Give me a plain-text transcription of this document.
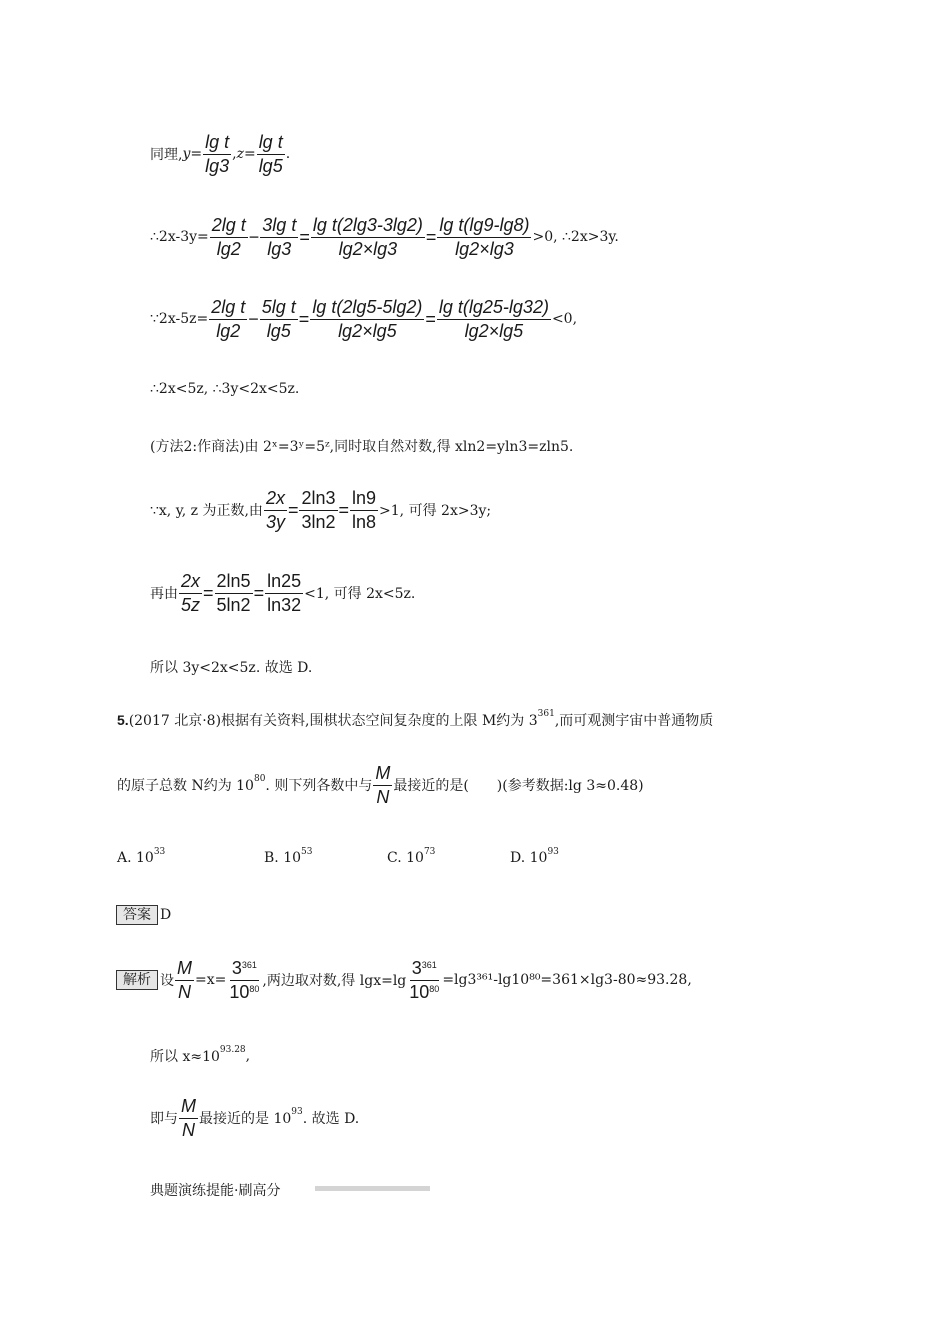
同理, $y= \frac{\text{lg t}}{\lg 3}$ , $z= \frac{\text{lg t}}{\lg 5}$ .
∴2x-3y= $\frac{\text{2lg t}}{\lg 2} - \frac{\text{3lg t}}{\lg 3} = \frac{\text{lg t(2lg3-3lg2)}}{\lg 2\times\lg 3} = \frac{\text{lg t(lg9-lg8)}}{\lg 2\times\lg 3} >0$, ∴2x>3y.
∵2x-5z= $\frac{\text{2lg t}}{\lg 2} - \frac{\text{5lg t}}{\lg 5} = \frac{\text{lg t(2lg5-5lg2)}}{\lg 2\times\lg 5} = \frac{\text{lg t(lg25-lg32)}}{\lg 2\times\lg 5} <0$,
∴2x<5z, ∴3y<2x<5z.
(方法2:作商法)由 2ˣ=3ʸ=5ᶻ,同时取自然对数,得 xln2=yln3=zln5.
∵x, y, z 为正数,由 $\frac{2x}{3y} = \frac{2\ln 3}{3\ln 2} = \frac{\ln 9}{\ln 8} >1$, 可得 2x>3y;
再由 $\frac{2x}{5z} = \frac{2\ln 5}{5\ln 2} = \frac{\ln 25}{\ln 32} <1$, 可得 2x<5z.
所以 3y<2x<5z. 故选 D.
5. (2017 北京·8)根据有关资料,围棋状态空间复杂度的上限 M约为 3 361 ,而可观测宇宙中普通物质
的原子总数 N约为 10 80 . 则下列各数中与 $\frac{M}{N}$ 最接近的是(　　)(参考数据:lg 3≈0.48)
A. 10 33	B. 10 53	C. 10 73	D. 10 93
答案 D
解析 设 $\frac{M}{N} =x= \frac{3^{361}}{10^{80}}$ ,两边取对数,得 $\lg x=\lg \frac{3^{361}}{10^{80}} =\lg 3^{361}-\lg 10^{80}=361\times\lg 3-80\approx 93.28$,
所以 x≈10 93.28 ,
即与 $\frac{M}{N}$ 最接近的是 10 93 . 故选 D.
典题演练提能·刷高分
